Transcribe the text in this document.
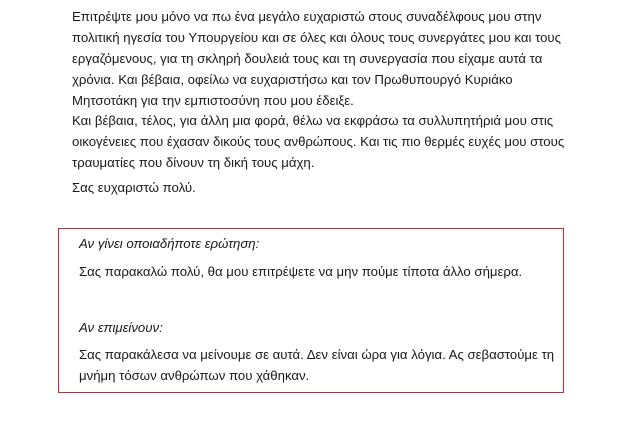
Επιτρέψτε μου μόνο να πω ένα μεγάλο ευχαριστώ στους συναδέλφους μου στην πολιτική ηγεσία του Υπουργείου και σε όλες και όλους τους συνεργάτες μου και τους εργαζόμενους, για τη σκληρή δουλειά τους και τη συνεργασία που είχαμε αυτά τα χρόνια. Και βέβαια, οφείλω να ευχαριστήσω και τον Πρωθυπουργό Κυριάκο Μητσοτάκη για την εμπιστοσύνη που μου έδειξε.

Και βέβαια, τέλος, για άλλη μια φορά, θέλω να εκφράσω τα συλλυπητήριά μου στις οικογένειες που έχασαν δικούς τους ανθρώπους. Και τις πιο θερμές ευχές μου στους τραυματίες που δίνουν τη δική τους μάχη.

Σας ευχαριστώ πολύ.

Αν γίνει οποιαδήποτε ερώτηση:

Σας παρακαλώ πολύ, θα μου επιτρέψετε να μην πούμε τίποτα άλλο σήμερα.

Αν επιμείνουν:

Σας παρακάλεσα να μείνουμε σε αυτά. Δεν είναι ώρα για λόγια. Ας σεβαστούμε τη μνήμη τόσων ανθρώπων που χάθηκαν.
